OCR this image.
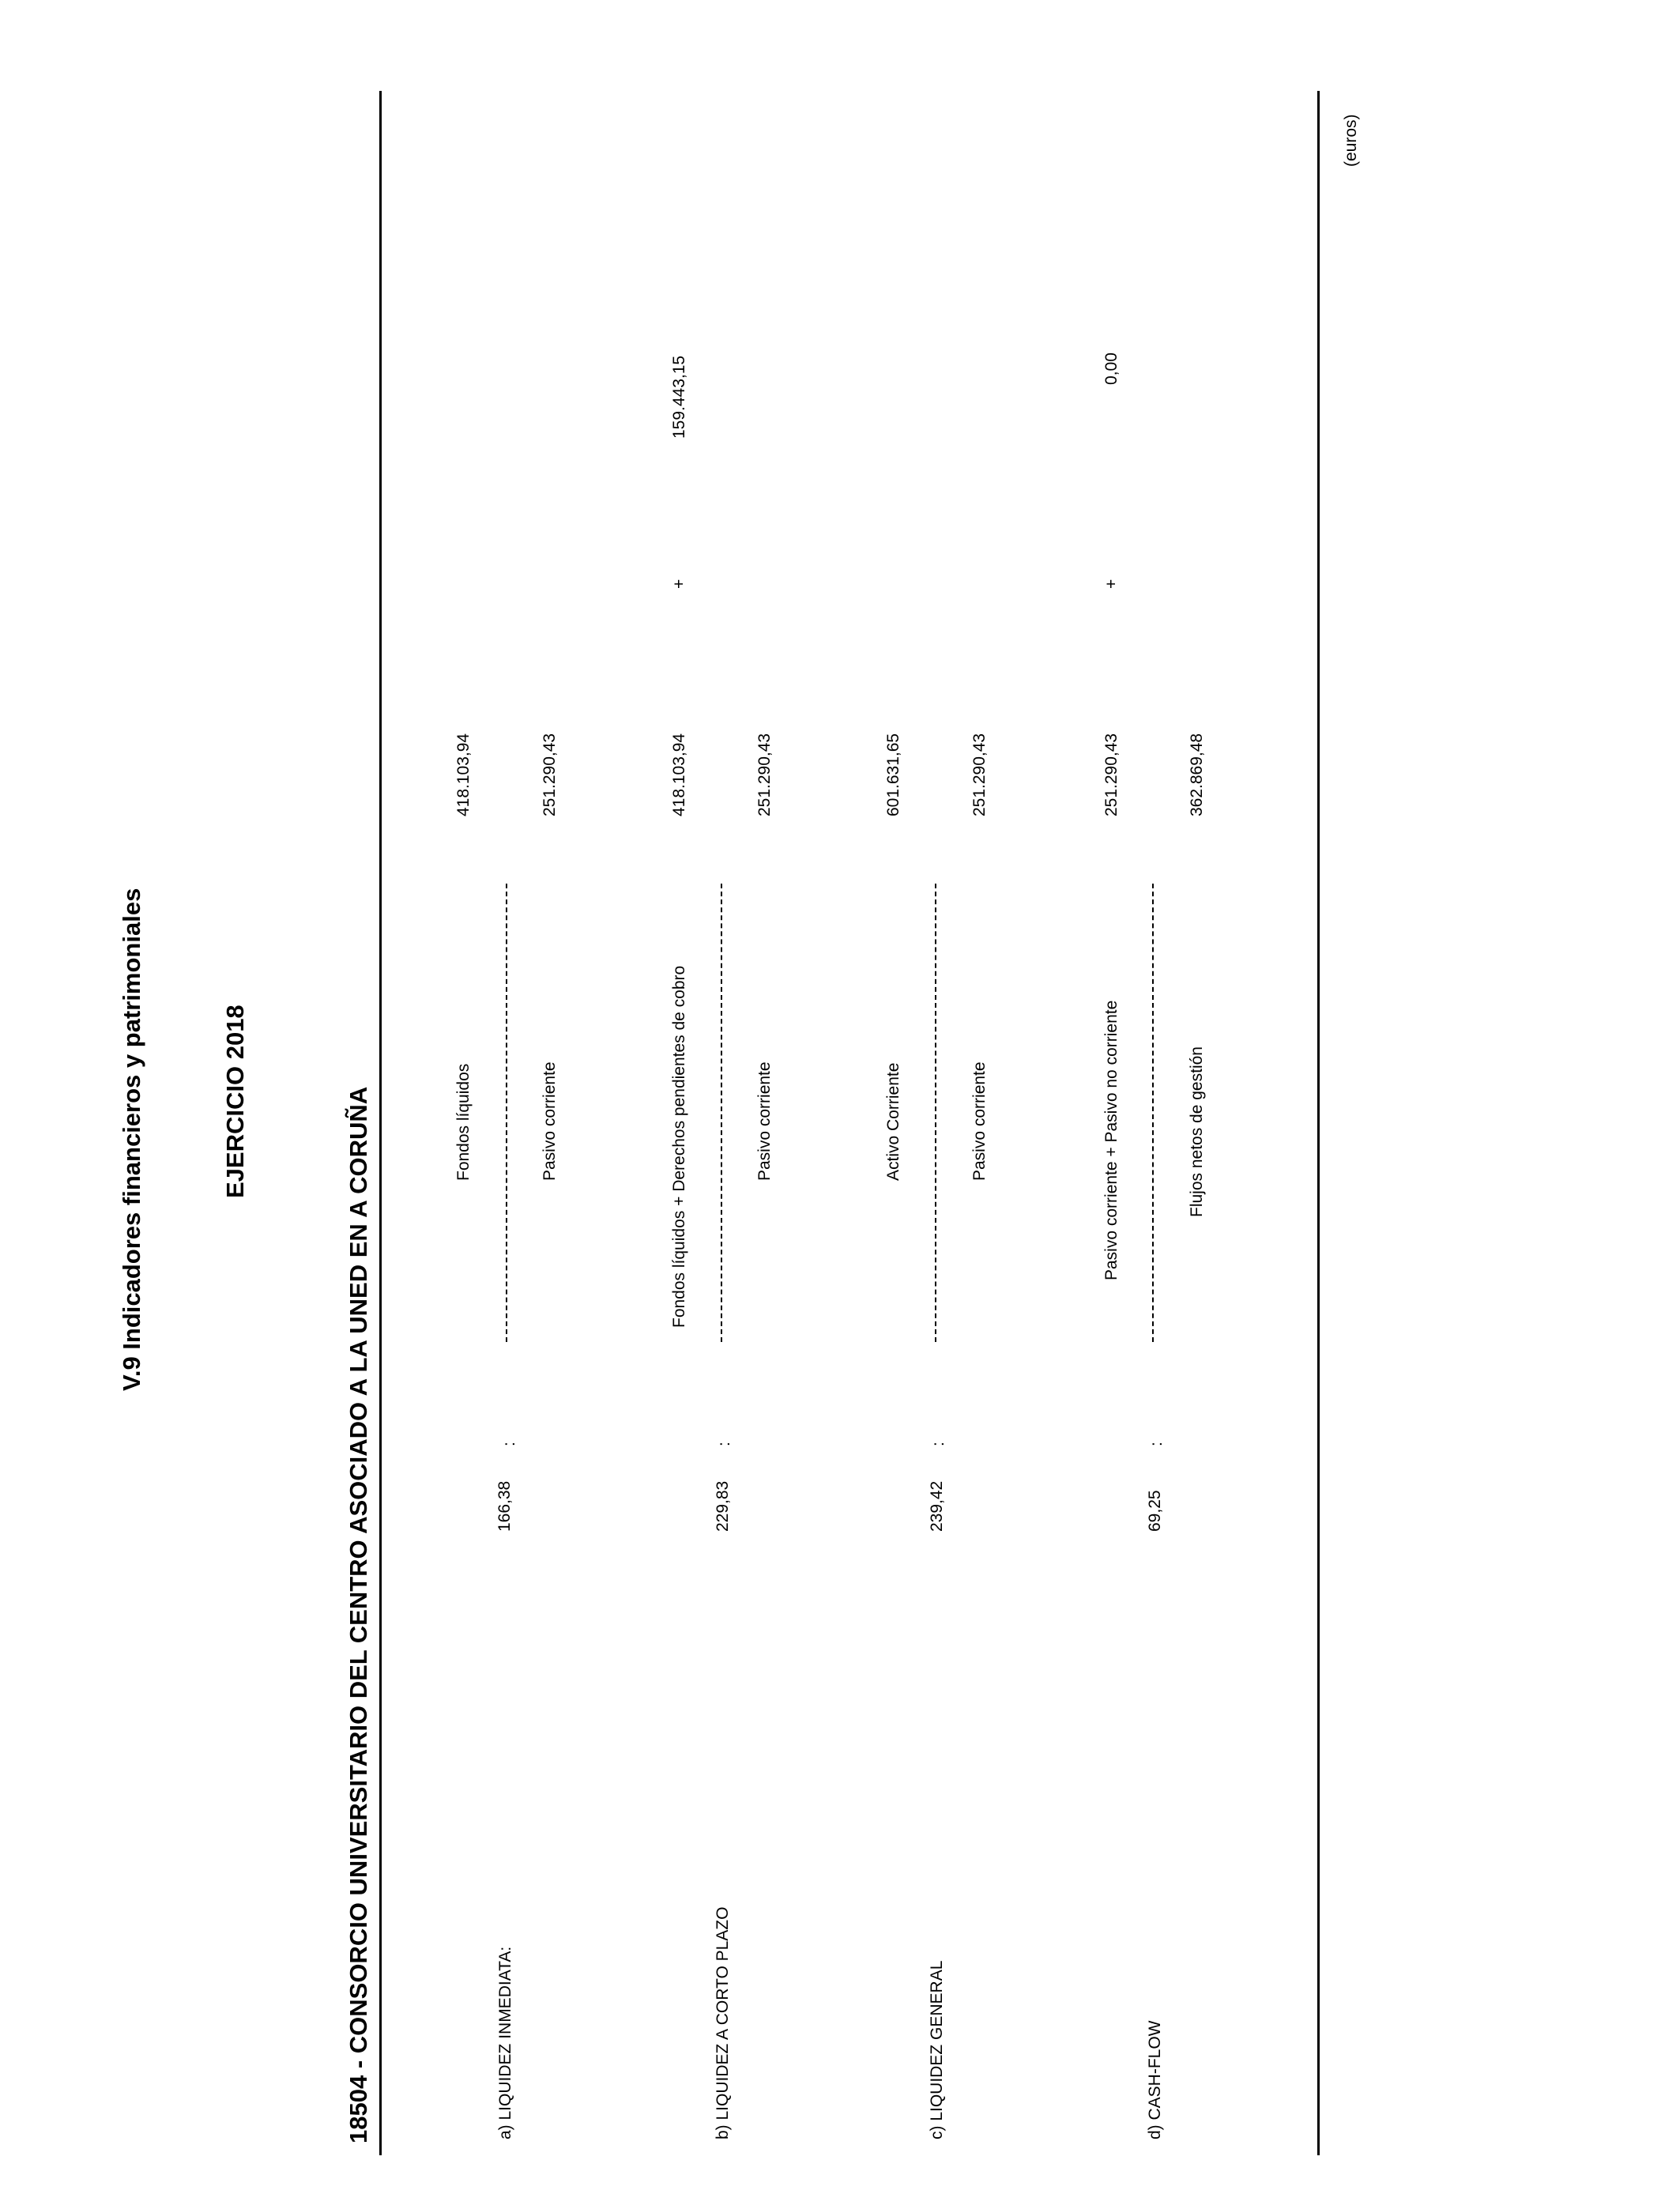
V.9 Indicadores financieros y patrimoniales	EJERCICIO 2018	18504 - CONSORCIO UNIVERSITARIO DEL CENTRO ASOCIADO A LA UNED EN A CORUÑA
(euros)
a) LIQUIDEZ INMEDIATA:
166,38
:
Fondos líquidos
418.103,94
Pasivo corriente
251.290,43
b) LIQUIDEZ A CORTO PLAZO
229,83
:
Fondos líquidos + Derechos pendientes de cobro
418.103,94
+
159.443,15
Pasivo corriente
251.290,43
c) LIQUIDEZ GENERAL
239,42
:
Activo Corriente
601.631,65
Pasivo corriente
251.290,43
d) CASH-FLOW
69,25
:
Pasivo corriente + Pasivo no corriente
251.290,43
+
0,00
Flujos netos de gestión
362.869,48
